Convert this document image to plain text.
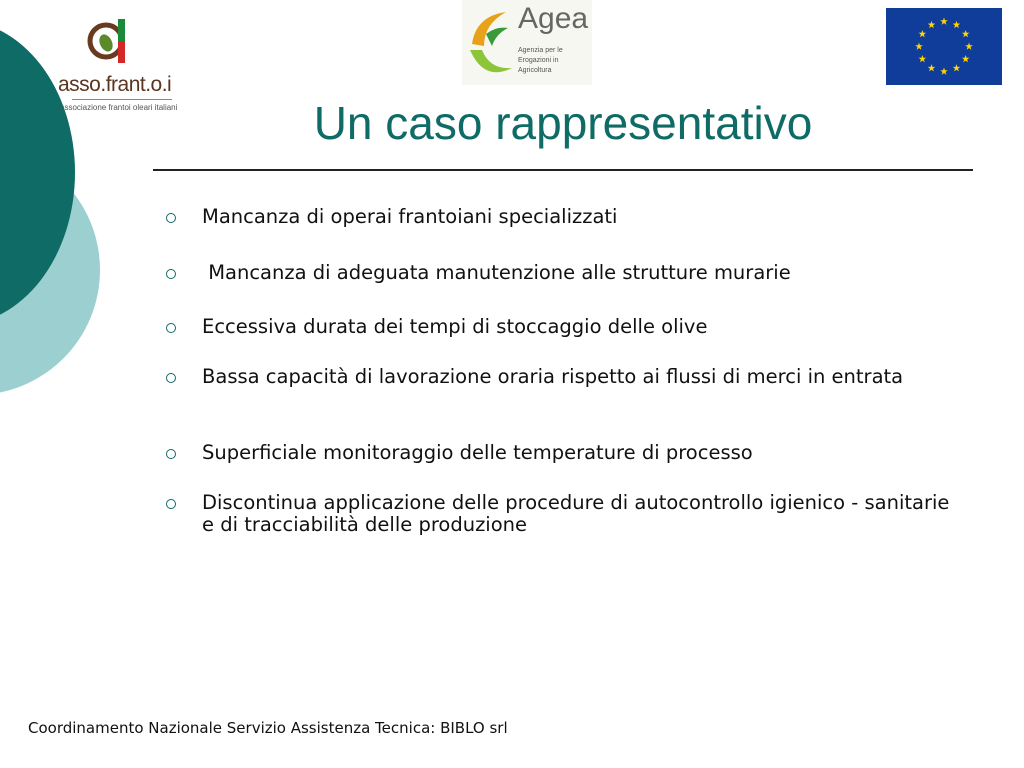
asso.frant.o.i
associazione frantoi oleari italiani
Agea
Agenzia per le Erogazioni in Agricoltura
Un caso rappresentativo
Mancanza di operai frantoiani specializzati
Mancanza di adeguata manutenzione alle strutture murarie
Eccessiva durata dei tempi di stoccaggio delle olive
Bassa capacità di lavorazione oraria rispetto ai flussi di merci in entrata
Superficiale monitoraggio delle temperature di processo
Discontinua applicazione delle procedure di autocontrollo igienico - sanitarie e di tracciabilità delle produzione
Coordinamento Nazionale Servizio Assistenza Tecnica: BIBLO srl
